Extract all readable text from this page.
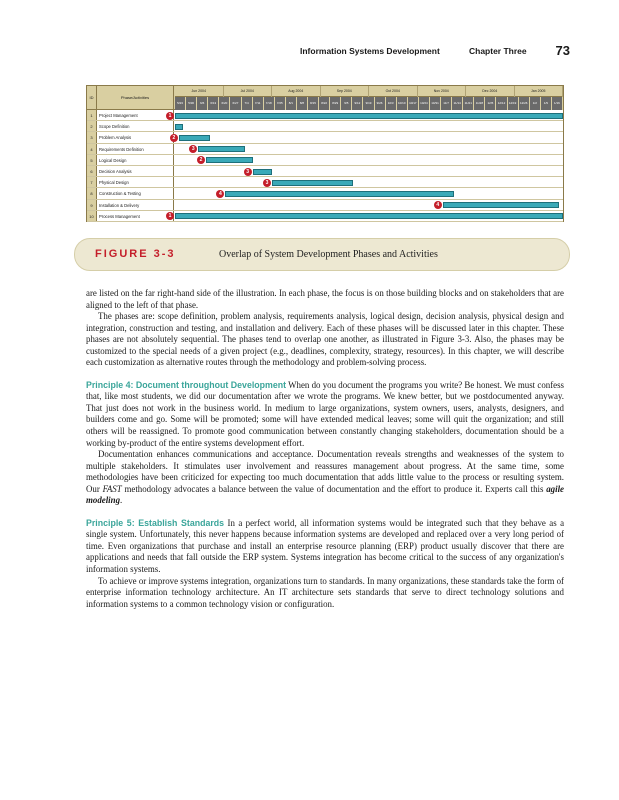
Information Systems Development	Chapter Three 73
ID	Phase/Activities
Jun 2004	Jul 2004	Aug 2004	Sep 2004	Oct 2004	Nov 2004	Dec 2004	Jan 2005
5/23	5/30	6/6	6/13	6/20	6/27	7/4	7/11	7/18	7/25	8/1	8/8	8/15	8/22	8/29	9/5	9/12	9/19	9/26	10/3	10/10	10/17	10/24	10/31	11/7	11/14	11/21	11/28	12/5	12/12	12/19	12/26	1/2	1/9	1/16
1	Project Management	1
2	Scope Definition
3	Problem Analysis	2
4	Requirements Definition	3
5	Logical Design	2
6	Decision Analysis	3
7	Physical Design	3
8	Construction & Testing	4
9	Installation & Delivery	4
10	Process Management	1
FIGURE 3-3	Overlap of System Development Phases and Activities

are listed on the far right-hand side of the illustration. In each phase, the focus is on those building blocks and on stakeholders that are aligned to the left of that phase.

The phases are: scope definition, problem analysis, requirements analysis, logical design, decision analysis, physical design and integration, construction and testing, and installation and delivery. Each of these phases will be discussed later in this chapter. These phases are not absolutely sequential. The phases tend to overlap one another, as illustrated in Figure 3-3. Also, the phases may be customized to the special needs of a given project (e.g., deadlines, complexity, strategy, resources). In this chapter, we will describe each customization as alternative routes through the methodology and problem-solving process.

Principle 4: Document throughout Development When do you document the programs you write? Be honest. We must confess that, like most students, we did our documentation after we wrote the programs. We knew better, but we postdocumented anyway. That just does not work in the business world. In medium to large organizations, system owners, users, analysts, designers, and builders come and go. Some will be promoted; some will have extended medical leaves; some will quit the organization; and still others will be reassigned. To promote good communication between constantly changing stakeholders, documentation should be a working by-product of the entire systems development effort.

Documentation enhances communications and acceptance. Documentation reveals strengths and weaknesses of the system to multiple stakeholders. It stimulates user involvement and reassures management about progress. At the same time, some methodologies have been criticized for expecting too much documentation that adds little value to the process or resulting system. Our FAST methodology advocates a balance between the value of documentation and the effort to produce it. Experts call this agile modeling.

Principle 5: Establish Standards In a perfect world, all information systems would be integrated such that they behave as a single system. Unfortunately, this never happens because information systems are developed and replaced over a very long period of time. Even organizations that purchase and install an enterprise resource planning (ERP) product usually discover that there are applications and needs that fall outside the ERP system. Systems integration has become critical to the success of any organization's information systems.

To achieve or improve systems integration, organizations turn to standards. In many organizations, these standards take the form of enterprise information technology architecture. An IT architecture sets standards that serve to direct technology solutions and information systems to a common technology vision or configuration.
